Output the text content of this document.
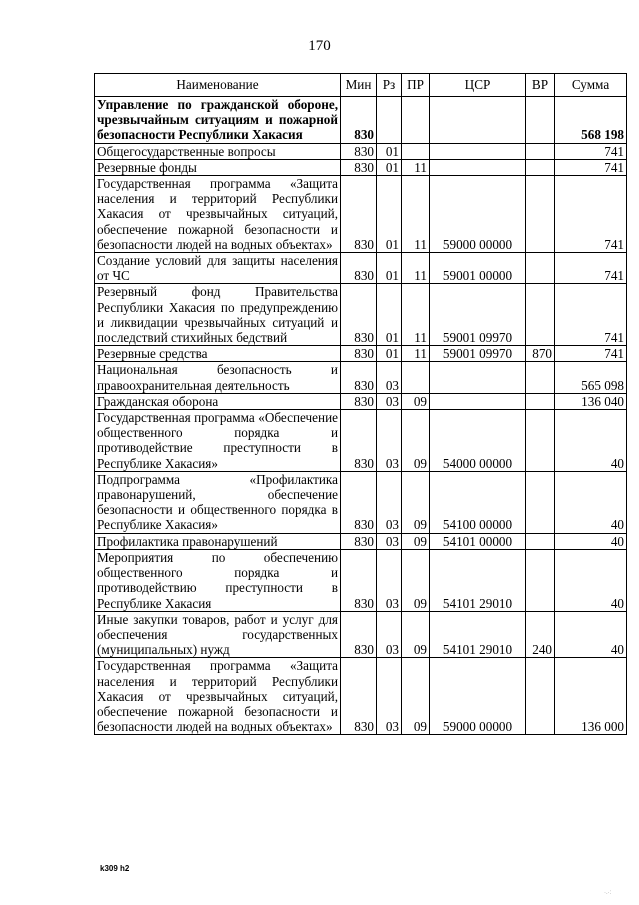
170
Наименование	Мин	Рз	ПР	ЦСР	ВР	Сумма
Управление по гражданской обороне, чрезвычайным ситуациям и пожарной безопасности Республики Хакасия	830					568 198
Общегосударственные вопросы	830	01				741
Резервные фонды	830	01	11			741
Государственная программа «Защита населения и территорий Республики Хакасия от чрезвычайных ситуаций, обеспечение пожарной безопасности и безопасности людей на водных объектах»	830	01	11	59000 00000		741
Создание условий для защиты населения от ЧС	830	01	11	59001 00000		741
Резервный фонд Правительства Республики Хакасия по предупреждению и ликвидации чрезвычайных ситуаций и последствий стихийных бедствий	830	01	11	59001 09970		741
Резервные средства	830	01	11	59001 09970	870	741
Национальная безопасность и правоохранительная деятельность	830	03				565 098
Гражданская оборона	830	03	09			136 040
Государственная программа «Обеспечение общественного порядка и противодействие преступности в Республике Хакасия»	830	03	09	54000 00000		40
Подпрограмма «Профилактика правонарушений, обеспечение безопасности и общественного порядка в Республике Хакасия»	830	03	09	54100 00000		40
Профилактика правонарушений	830	03	09	54101 00000		40
Мероприятия по обеспечению общественного порядка и противодействию преступности в Республике Хакасия	830	03	09	54101 29010		40
Иные закупки товаров, работ и услуг для обеспечения государственных (муниципальных) нужд	830	03	09	54101 29010	240	40
Государственная программа «Защита населения и территорий Республики Хакасия от чрезвычайных ситуаций, обеспечение пожарной безопасности и безопасности людей на водных объектах»	830	03	09	59000 00000		136 000
k309 h2
·.·:
